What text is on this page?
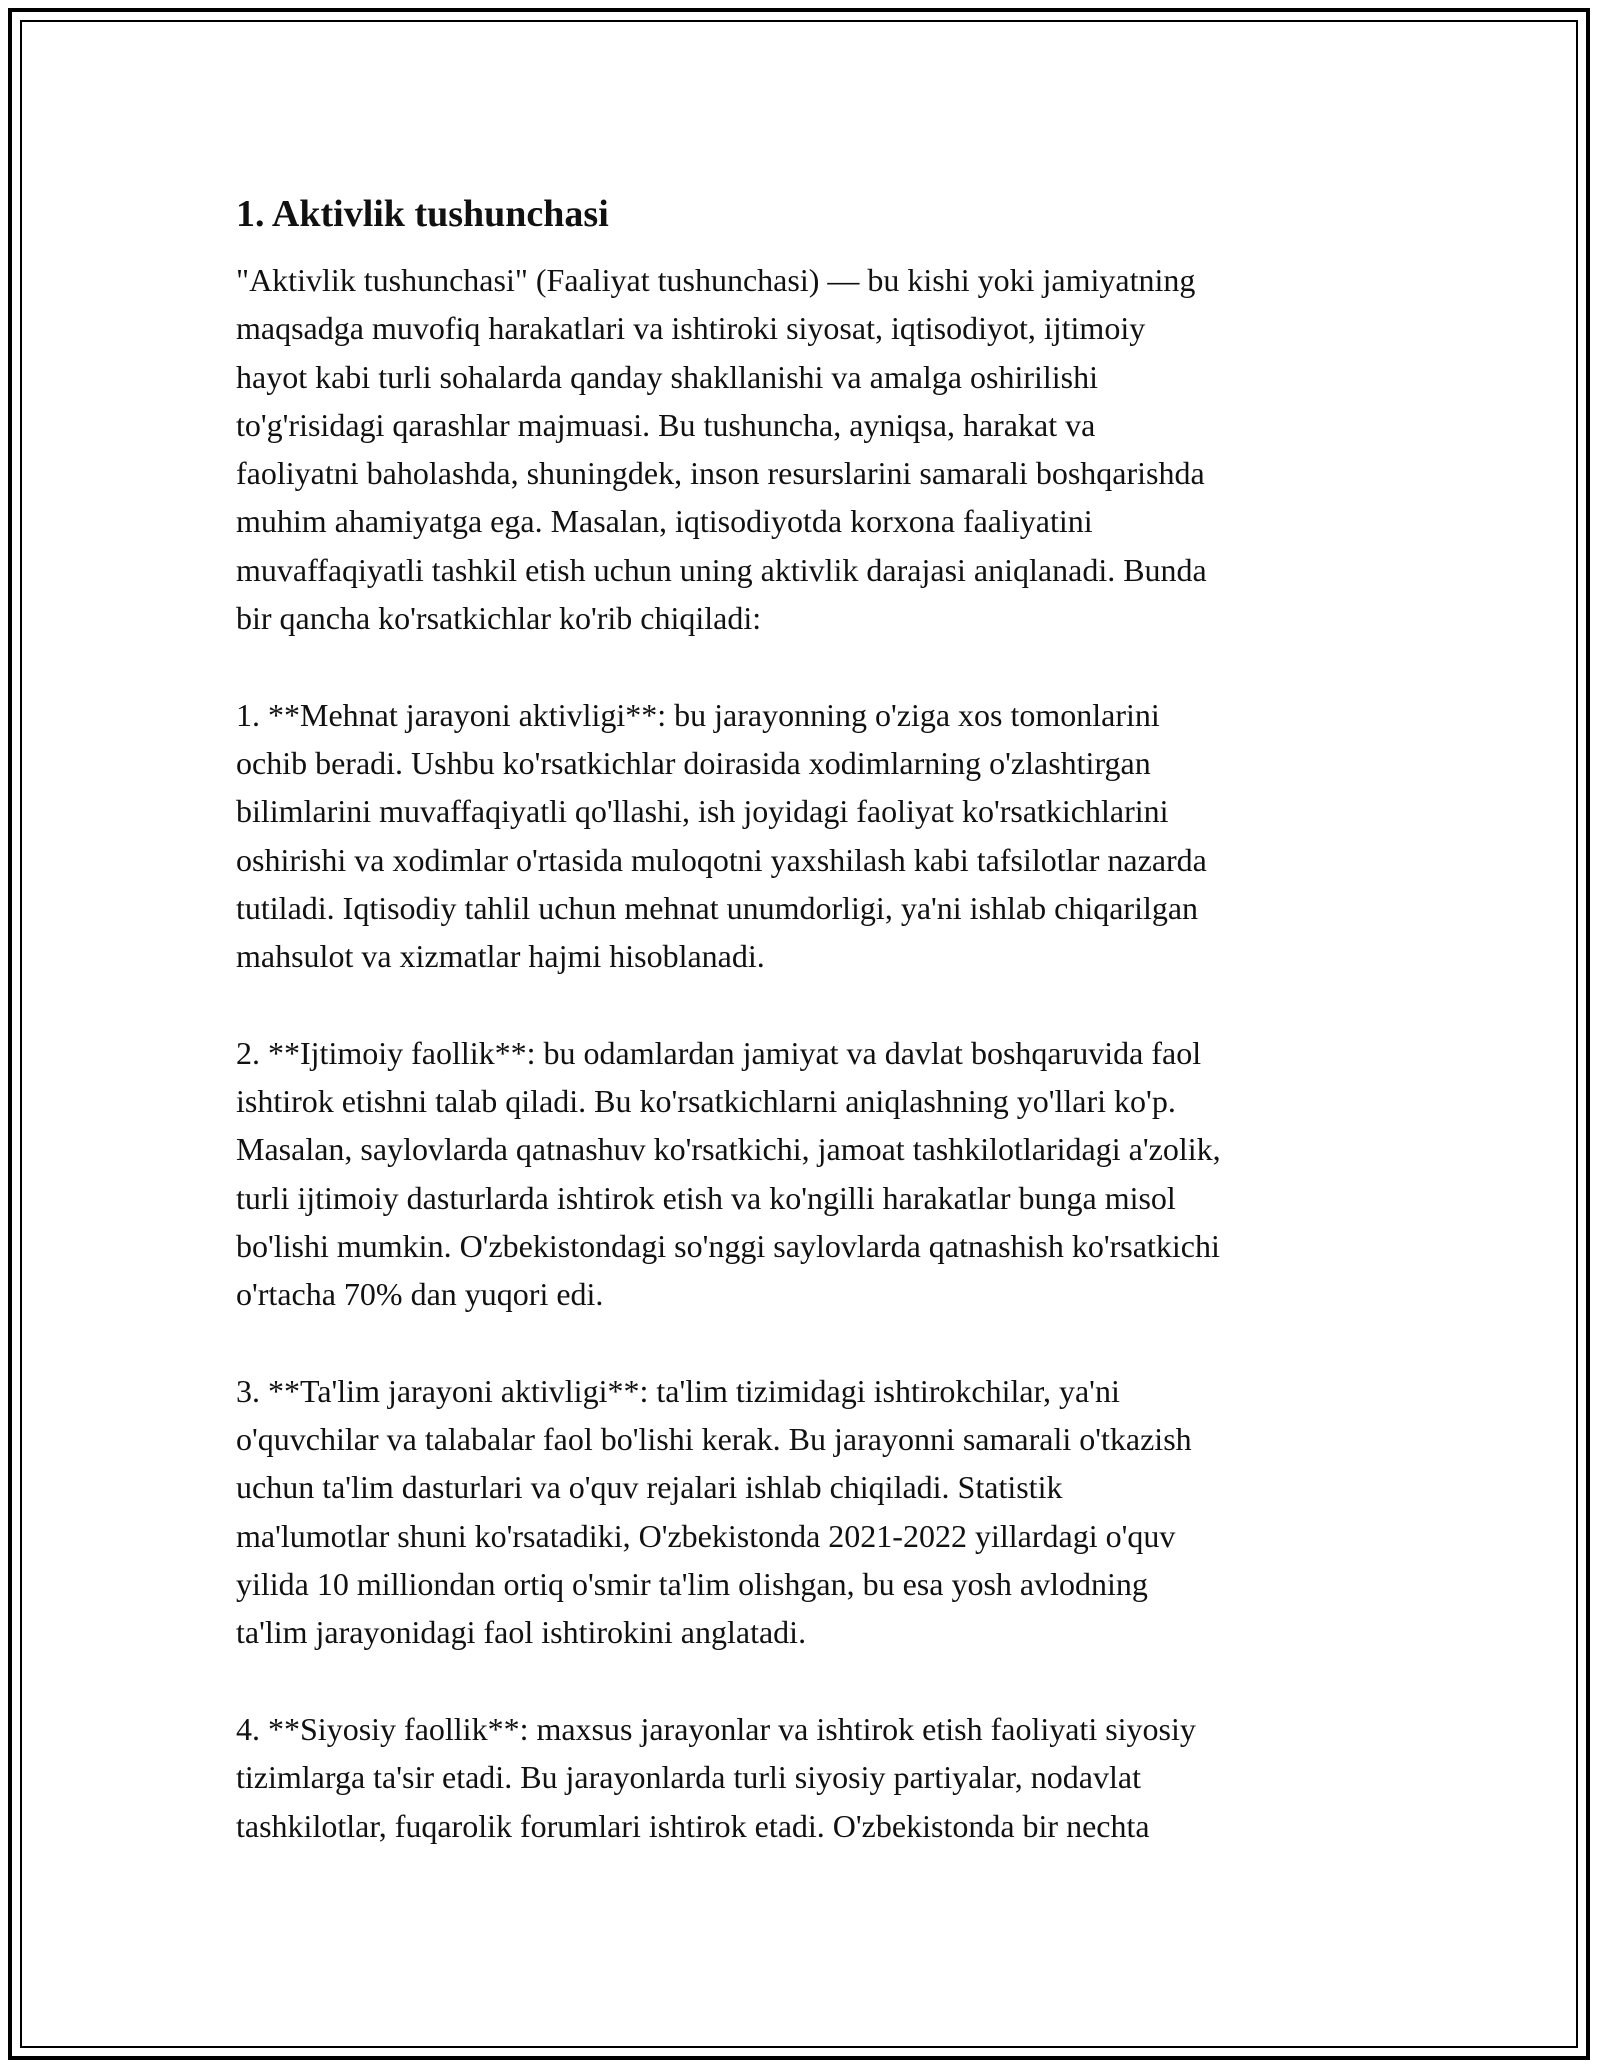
1. Aktivlik tushunchasi
"Aktivlik tushunchasi" (Faaliyat tushunchasi) — bu kishi yoki jamiyatning
maqsadga muvofiq harakatlari va ishtiroki siyosat, iqtisodiyot, ijtimoiy
hayot kabi turli sohalarda qanday shakllanishi va amalga oshirilishi
to'g'risidagi qarashlar majmuasi. Bu tushuncha, ayniqsa, harakat va
faoliyatni baholashda, shuningdek, inson resurslarini samarali boshqarishda
muhim ahamiyatga ega. Masalan, iqtisodiyotda korxona faaliyatini
muvaffaqiyatli tashkil etish uchun uning aktivlik darajasi aniqlanadi. Bunda
bir qancha ko'rsatkichlar ko'rib chiqiladi:
1. **Mehnat jarayoni aktivligi**: bu jarayonning o'ziga xos tomonlarini
ochib beradi. Ushbu ko'rsatkichlar doirasida xodimlarning o'zlashtirgan
bilimlarini muvaffaqiyatli qo'llashi, ish joyidagi faoliyat ko'rsatkichlarini
oshirishi va xodimlar o'rtasida muloqotni yaxshilash kabi tafsilotlar nazarda
tutiladi. Iqtisodiy tahlil uchun mehnat unumdorligi, ya'ni ishlab chiqarilgan
mahsulot va xizmatlar hajmi hisoblanadi.
2. **Ijtimoiy faollik**: bu odamlardan jamiyat va davlat boshqaruvida faol
ishtirok etishni talab qiladi. Bu ko'rsatkichlarni aniqlashning yo'llari ko'p.
Masalan, saylovlarda qatnashuv ko'rsatkichi, jamoat tashkilotlaridagi a'zolik,
turli ijtimoiy dasturlarda ishtirok etish va ko'ngilli harakatlar bunga misol
bo'lishi mumkin. O'zbekistondagi so'nggi saylovlarda qatnashish ko'rsatkichi
o'rtacha 70% dan yuqori edi.
3. **Ta'lim jarayoni aktivligi**: ta'lim tizimidagi ishtirokchilar, ya'ni
o'quvchilar va talabalar faol bo'lishi kerak. Bu jarayonni samarali o'tkazish
uchun ta'lim dasturlari va o'quv rejalari ishlab chiqiladi. Statistik
ma'lumotlar shuni ko'rsatadiki, O'zbekistonda 2021-2022 yillardagi o'quv
yilida 10 milliondan ortiq o'smir ta'lim olishgan, bu esa yosh avlodning
ta'lim jarayonidagi faol ishtirokini anglatadi.
4. **Siyosiy faollik**: maxsus jarayonlar va ishtirok etish faoliyati siyosiy
tizimlarga ta'sir etadi. Bu jarayonlarda turli siyosiy partiyalar, nodavlat
tashkilotlar, fuqarolik forumlari ishtirok etadi. O'zbekistonda bir nechta
